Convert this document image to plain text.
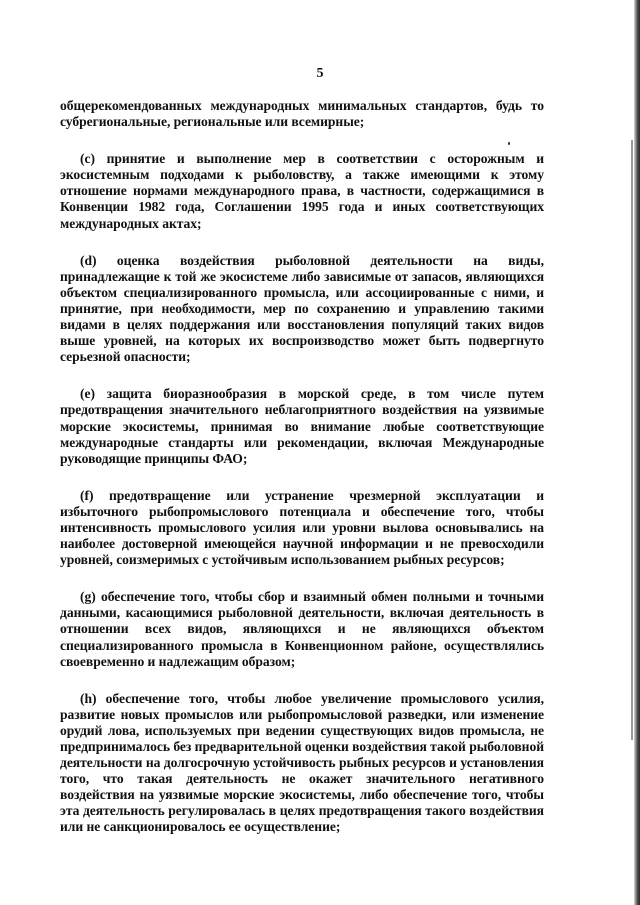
5

общерекомендованных международных минимальных стандартов, будь то субрегиональные, региональные или всемирные;

(c) принятие и выполнение мер в соответствии с осторожным и экосистемным подходами к рыболовству, а также имеющими к этому отношение нормами международного права, в частности, содержащимися в Конвенции 1982 года, Соглашении 1995 года и иных соответствующих международных актах;

(d) оценка воздействия рыболовной деятельности на виды, принадлежащие к той же экосистеме либо зависимые от запасов, являющихся объектом специализированного промысла, или ассоциированные с ними, и принятие, при необходимости, мер по сохранению и управлению такими видами в целях поддержания или восстановления популяций таких видов выше уровней, на которых их воспроизводство может быть подвергнуто серьезной опасности;

(e) защита биоразнообразия в морской среде, в том числе путем предотвращения значительного неблагоприятного воздействия на уязвимые морские экосистемы, принимая во внимание любые соответствующие международные стандарты или рекомендации, включая Международные руководящие принципы ФАО;

(f) предотвращение или устранение чрезмерной эксплуатации и избыточного рыбопромыслового потенциала и обеспечение того, чтобы интенсивность промыслового усилия или уровни вылова основывались на наиболее достоверной имеющейся научной информации и не превосходили уровней, соизмеримых с устойчивым использованием рыбных ресурсов;

(g) обеспечение того, чтобы сбор и взаимный обмен полными и точными данными, касающимися рыболовной деятельности, включая деятельность в отношении всех видов, являющихся и не являющихся объектом специализированного промысла в Конвенционном районе, осуществлялись своевременно и надлежащим образом;

(h) обеспечение того, чтобы любое увеличение промыслового усилия, развитие новых промыслов или рыбопромысловой разведки, или изменение орудий лова, используемых при ведении существующих видов промысла, не предпринималось без предварительной оценки воздействия такой рыболовной деятельности на долгосрочную устойчивость рыбных ресурсов и установления того, что такая деятельность не окажет значительного негативного воздействия на уязвимые морские экосистемы, либо обеспечение того, чтобы эта деятельность регулировалась в целях предотвращения такого воздействия или не санкционировалось ее осуществление;
